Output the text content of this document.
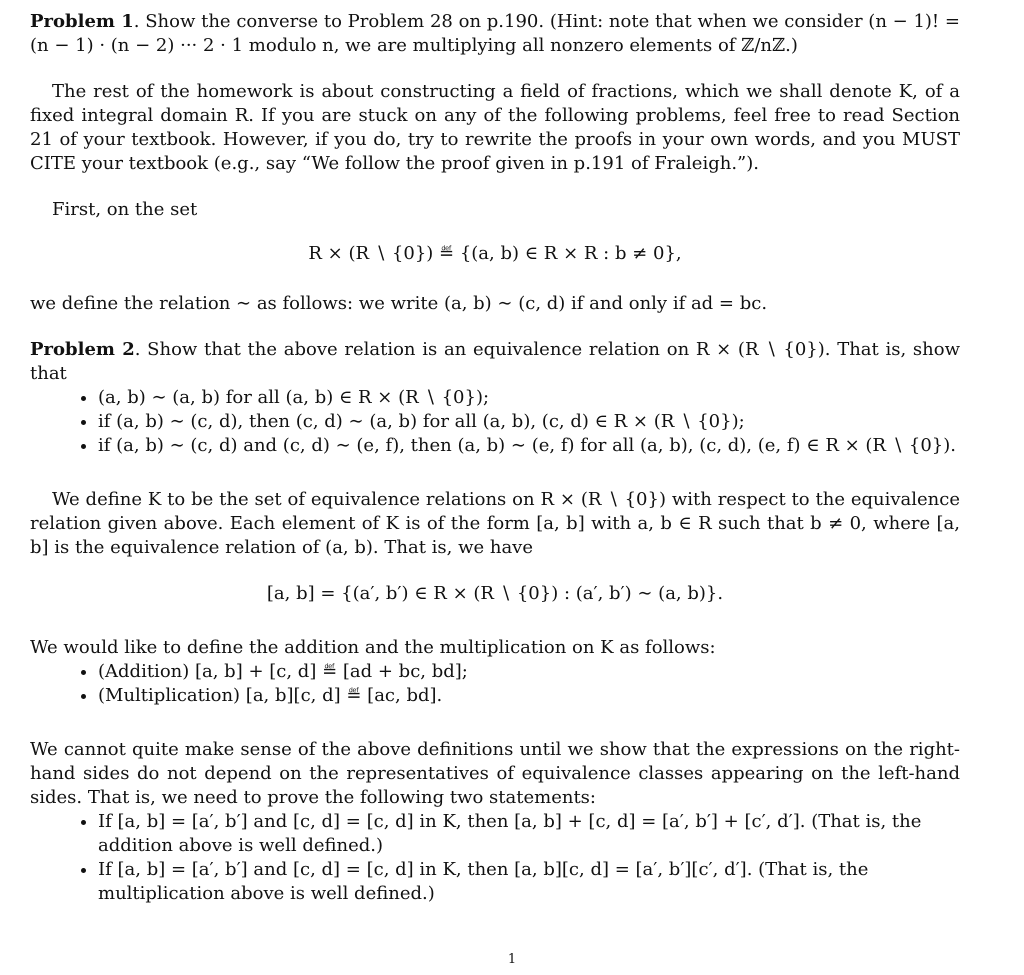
Problem 1. Show the converse to Problem 28 on p.190. (Hint: note that when we consider (n − 1)! = (n − 1) · (n − 2) ··· 2 · 1 modulo n, we are multiplying all nonzero elements of ℤ/nℤ.)

The rest of the homework is about constructing a field of fractions, which we shall denote K, of a fixed integral domain R. If you are stuck on any of the following problems, feel free to read Section 21 of your textbook. However, if you do, try to rewrite the proofs in your own words, and you MUST CITE your textbook (e.g., say “We follow the proof given in p.191 of Fraleigh.”).

First, on the set

R × (R ∖ {0}) ≝ {(a, b) ∈ R × R : b ≠ 0},

we define the relation ∼ as follows: we write (a, b) ∼ (c, d) if and only if ad = bc.

Problem 2. Show that the above relation is an equivalence relation on R × (R ∖ {0}). That is, show that

• (a, b) ∼ (a, b) for all (a, b) ∈ R × (R ∖ {0});
• if (a, b) ∼ (c, d), then (c, d) ∼ (a, b) for all (a, b), (c, d) ∈ R × (R ∖ {0});
• if (a, b) ∼ (c, d) and (c, d) ∼ (e, f), then (a, b) ∼ (e, f) for all (a, b), (c, d), (e, f) ∈ R × (R ∖ {0}).

We define K to be the set of equivalence relations on R × (R ∖ {0}) with respect to the equivalence relation given above. Each element of K is of the form [a, b] with a, b ∈ R such that b ≠ 0, where [a, b] is the equivalence relation of (a, b). That is, we have

[a, b] = {(a′, b′) ∈ R × (R ∖ {0}) : (a′, b′) ∼ (a, b)}.

We would like to define the addition and the multiplication on K as follows:

• (Addition) [a, b] + [c, d] ≝ [ad + bc, bd];
• (Multiplication) [a, b][c, d] ≝ [ac, bd].

We cannot quite make sense of the above definitions until we show that the expressions on the right-hand sides do not depend on the representatives of equivalence classes appearing on the left-hand sides. That is, we need to prove the following two statements:

• If [a, b] = [a′, b′] and [c, d] = [c, d] in K, then [a, b] + [c, d] = [a′, b′] + [c′, d′]. (That is, the addition above is well defined.)
• If [a, b] = [a′, b′] and [c, d] = [c, d] in K, then [a, b][c, d] = [a′, b′][c′, d′]. (That is, the multiplication above is well defined.)
1
